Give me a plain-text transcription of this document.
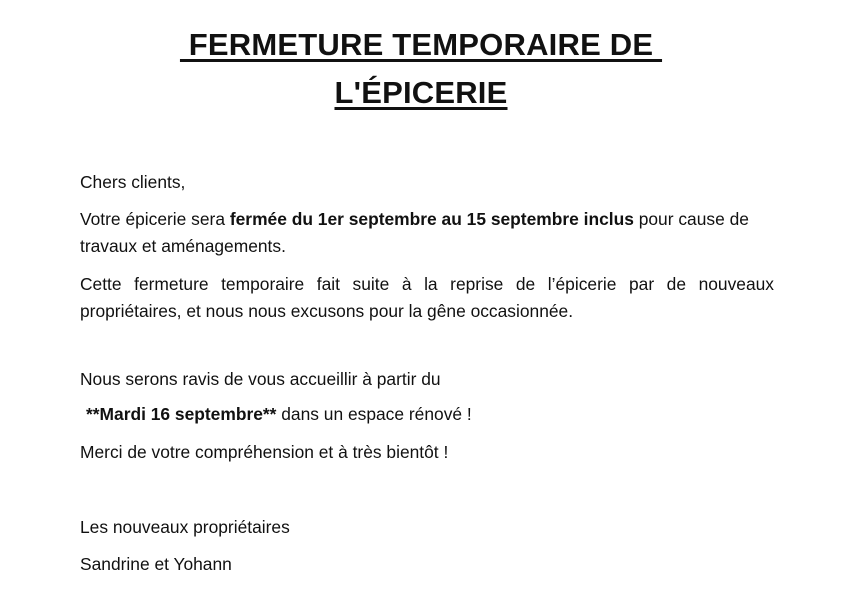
FERMETURE TEMPORAIRE DE
L'ÉPICERIE

Chers clients,

Votre épicerie sera fermée du 1er septembre au 15 septembre inclus pour cause de travaux et aménagements.

Cette fermeture temporaire fait suite à la reprise de l’épicerie par de nouveaux propriétaires, et nous nous excusons pour la gêne occasionnée.

Nous serons ravis de vous accueillir à partir du

**Mardi 16 septembre** dans un espace rénové !

Merci de votre compréhension et à très bientôt !

Les nouveaux propriétaires

Sandrine et Yohann
